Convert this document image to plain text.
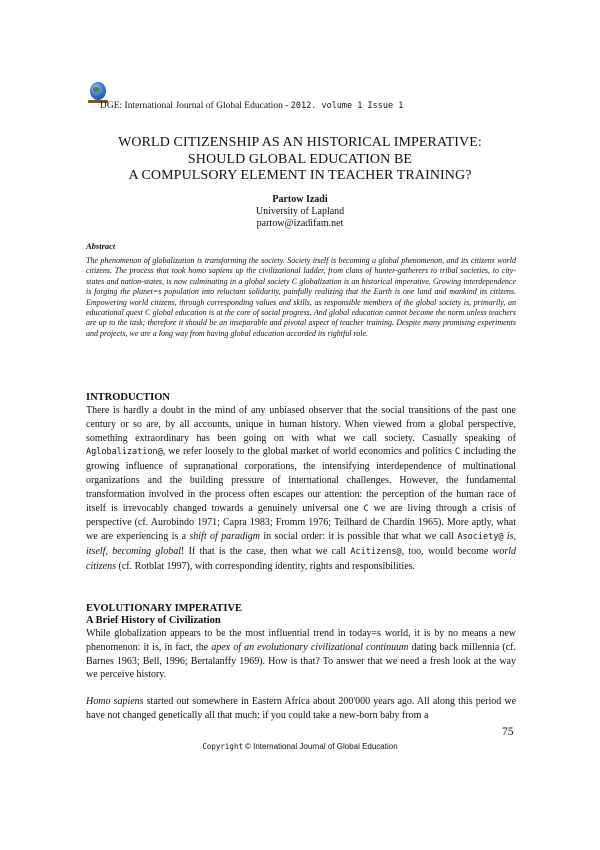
IJGE: International Journal of Global Education - 2012. volume 1 Issue 1
WORLD CITIZENSHIP AS AN HISTORICAL IMPERATIVE:
SHOULD GLOBAL EDUCATION BE
A COMPULSORY ELEMENT IN TEACHER TRAINING?
Partow Izadi
University of Lapland
partow@izadifam.net
Abstract
The phenomenon of globalization is transforming the society. Society itself is becoming a global phenomenon, and its citizens world citizens. The process that took homo sapiens up the civilizational ladder, from clans of hunter-gatherers to tribal societies, to city-states and nation-states, is now culminating in a global society C globalization is an historical imperative. Growing interdependence is forging the planet=s population into reluctant solidarity, painfully realizing that the Earth is one land and mankind its citizens. Empowering world citizens, through corresponding values and skills, as responsible members of the global society is, primarily, an educational quest C global education is at the core of social progress. And global education cannot become the norm unless teachers are up to the task; therefore it should be an inseparable and pivotal aspect of teacher training. Despite many promising experiments and projects, we are a long way from having global education accorded its rightful role.
INTRODUCTION

There is hardly a doubt in the mind of any unbiased observer that the social transitions of the past one century or so are, by all accounts, unique in human history. When viewed from a global perspective, something extraordinary has been going on with what we call society. Casually speaking of Aglobalization@, we refer loosely to the global market of world economics and politics C including the growing influence of supranational corporations, the intensifying interdependence of multinational organizations and the building pressure of international challenges. However, the fundamental transformation involved in the process often escapes our attention: the perception of the human race of itself is irrevocably changed towards a genuinely universal one C we are living through a crisis of perspective (cf. Aurobindo 1971; Capra 1983; Fromm 1976; Teilhard de Chardin 1965). More aptly, what we are experiencing is a shift of paradigm in social order: it is possible that what we call Asociety@ is, itself, becoming global! If that is the case, then what we call Acitizens@, too, would become world citizens (cf. Rotblat 1997), with corresponding identity, rights and responsibilities.

EVOLUTIONARY IMPERATIVE
A Brief History of Civilization

While globalization appears to be the most influential trend in today=s world, it is by no means a new phenomenon: it is, in fact, the apex of an evolutionary civilizational continuum dating back millennia (cf. Barnes 1963; Bell, 1996; Bertalanffy 1969). How is that? To answer that we need a fresh look at the way we perceive history.

Homo sapiens started out somewhere in Eastern Africa about 200'000 years ago. All along this period we have not changed genetically all that much: if you could take a new-born baby from a

75
Copyright © International Journal of Global Education
